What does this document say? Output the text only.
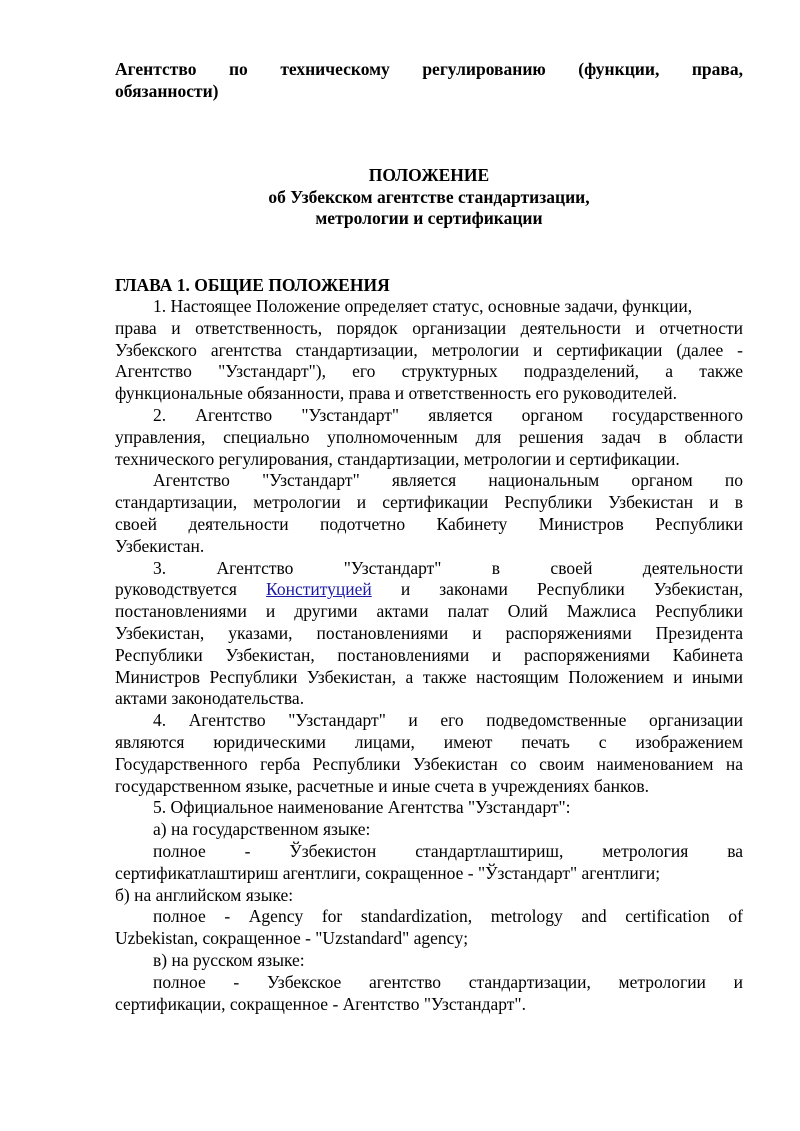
Агентство по техническому регулированию (функции, права,
обязанности)
ПОЛОЖЕНИЕ
об Узбекском агентстве стандартизации,
метрологии и сертификации
ГЛАВА 1. ОБЩИЕ ПОЛОЖЕНИЯ
1. Настоящее Положение определяет статус, основные задачи, функции,
права и ответственность, порядок организации деятельности и отчетности
Узбекского агентства стандартизации, метрологии и сертификации (далее -
Агентство "Узстандарт"), его структурных подразделений, а также
функциональные обязанности, права и ответственность его руководителей.
2. Агентство "Узстандарт" является органом государственного
управления, специально уполномоченным для решения задач в области
технического регулирования, стандартизации, метрологии и сертификации.
Агентство "Узстандарт" является национальным органом по
стандартизации, метрологии и сертификации Республики Узбекистан и в
своей деятельности подотчетно Кабинету Министров Республики
Узбекистан.
3. Агентство "Узстандарт" в своей деятельности
руководствуется Конституцией и законами Республики Узбекистан,
постановлениями и другими актами палат Олий Мажлиса Республики
Узбекистан, указами, постановлениями и распоряжениями Президента
Республики Узбекистан, постановлениями и распоряжениями Кабинета
Министров Республики Узбекистан, а также настоящим Положением и иными
актами законодательства.
4. Агентство "Узстандарт" и его подведомственные организации
являются юридическими лицами, имеют печать с изображением
Государственного герба Республики Узбекистан со своим наименованием на
государственном языке, расчетные и иные счета в учреждениях банков.
5. Официальное наименование Агентства "Узстандарт":
а) на государственном языке:
полное - Ўзбекистон стандартлаштириш, метрология ва
сертификатлаштириш агентлиги, сокращенное - "Ўзстандарт" агентлиги;
б) на английском языке:
полное - Agency for standardization, metrology and certification of
Uzbekistan, сокращенное - "Uzstandard" agency;
в) на русском языке:
полное - Узбекское агентство стандартизации, метрологии и
сертификации, сокращенное - Агентство "Узстандарт".
